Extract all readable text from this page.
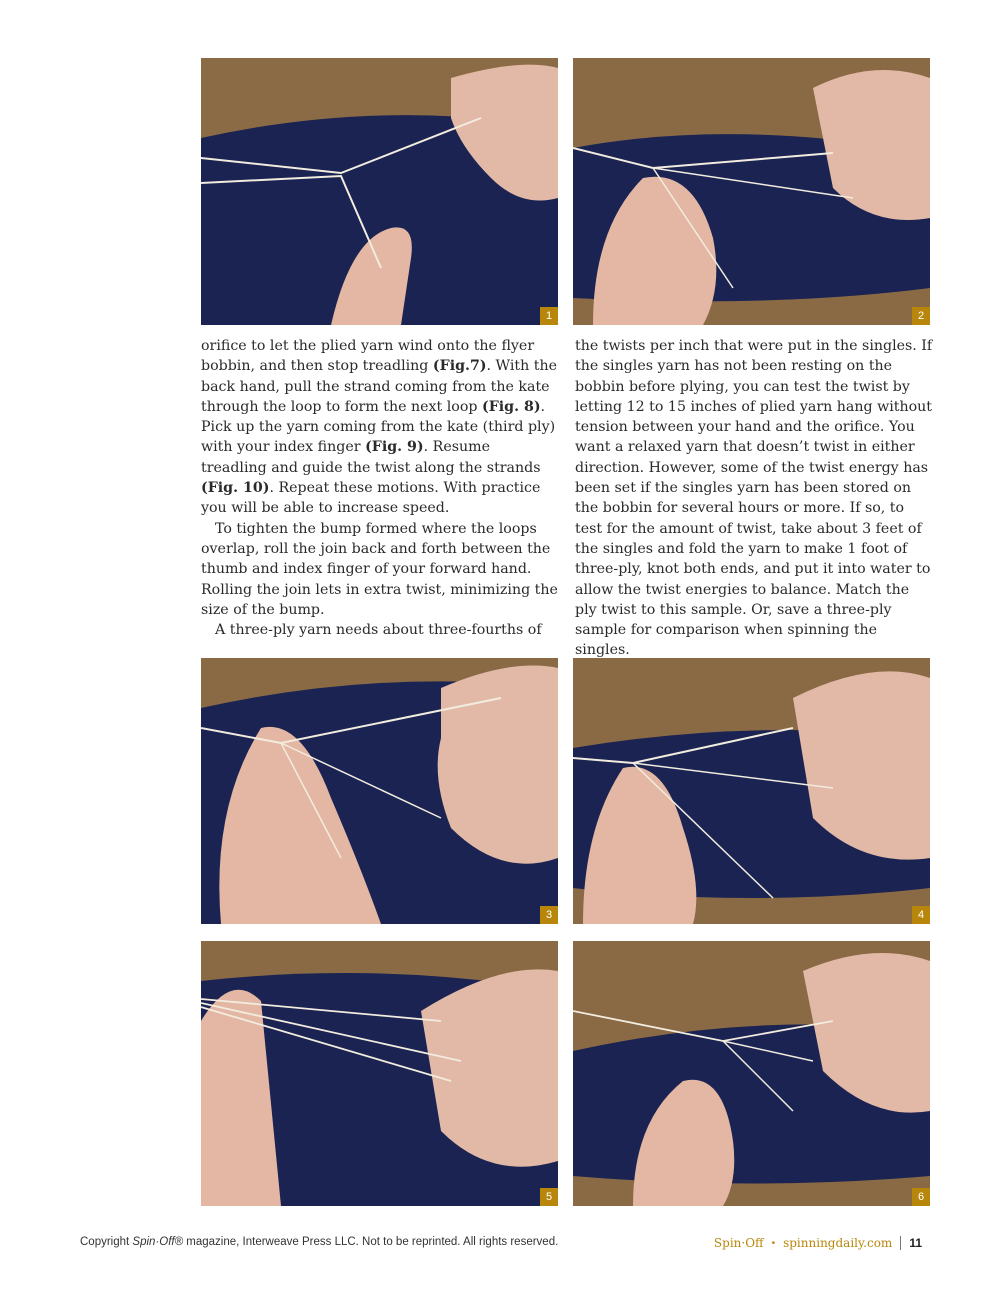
1	2

orifice to let the plied yarn wind onto the flyer bobbin, and then stop treadling (Fig.7). With the back hand, pull the strand coming from the kate through the loop to form the next loop (Fig. 8). Pick up the yarn coming from the kate (third ply) with your index finger (Fig. 9). Resume treadling and guide the twist along the strands (Fig. 10). Repeat these motions. With practice you will be able to increase speed.

To tighten the bump formed where the loops overlap, roll the join back and forth between the thumb and index finger of your forward hand. Rolling the join lets in extra twist, minimizing the size of the bump.

A three-ply yarn needs about three-fourths of

the twists per inch that were put in the singles. If the singles yarn has not been resting on the bobbin before plying, you can test the twist by letting 12 to 15 inches of plied yarn hang without tension between your hand and the orifice. You want a relaxed yarn that doesn’t twist in either direction. However, some of the twist energy has been set if the singles yarn has been stored on the bobbin for several hours or more. If so, to test for the amount of twist, take about 3 feet of the singles and fold the yarn to make 1 foot of three-ply, knot both ends, and put it into water to allow the twist energies to balance. Match the ply twist to this sample. Or, save a three-ply sample for comparison when spinning the singles.

3	4
5	6
Copyright Spin·Off® magazine, Interweave Press LLC. Not to be reprinted. All rights reserved.	Spin·Off • spinningdaily.com 11
